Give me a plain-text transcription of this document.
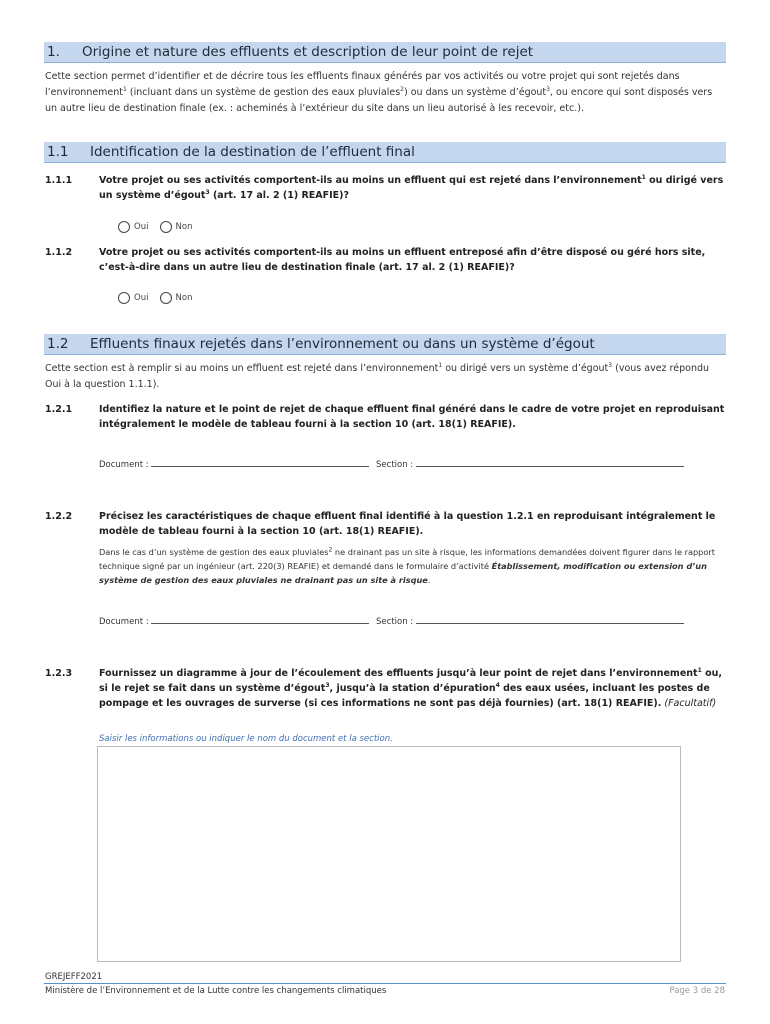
1. Origine et nature des effluents et description de leur point de rejet
Cette section permet d’identifier et de décrire tous les effluents finaux générés par vos activités ou votre projet qui sont rejetés dans l’environnement$^1$ (incluant dans un système de gestion des eaux pluviales$^2$) ou dans un système d’égout$^3$, ou encore qui sont disposés vers un autre lieu de destination finale (ex. : acheminés à l’extérieur du site dans un lieu autorisé à les recevoir, etc.).
1.1 Identification de la destination de l’effluent final
1.1.1	Votre projet ou ses activités comportent-ils au moins un effluent qui est rejeté dans l’environnement$^1$ ou dirigé vers un système d’égout$^3$ (art. 17 al. 2 (1) REAFIE)?
Oui	Non
1.1.2	Votre projet ou ses activités comportent-ils au moins un effluent entreposé afin d’être disposé ou géré hors site, c’est-à-dire dans un autre lieu de destination finale (art. 17 al. 2 (1) REAFIE)?
Oui	Non
1.2 Effluents finaux rejetés dans l’environnement ou dans un système d’égout
Cette section est à remplir si au moins un effluent est rejeté dans l’environnement$^1$ ou dirigé vers un système d’égout$^3$ (vous avez répondu Oui à la question 1.1.1).
1.2.1	Identifiez la nature et le point de rejet de chaque effluent final généré dans le cadre de votre projet en reproduisant intégralement le modèle de tableau fourni à la section 10 (art. 18(1) REAFIE).
Document :	Section :
1.2.2	Précisez les caractéristiques de chaque effluent final identifié à la question 1.2.1 en reproduisant intégralement le modèle de tableau fourni à la section 10 (art. 18(1) REAFIE).
Dans le cas d’un système de gestion des eaux pluviales$^2$ ne drainant pas un site à risque, les informations demandées doivent figurer dans le rapport technique signé par un ingénieur (art. 220(3) REAFIE) et demandé dans le formulaire d’activité Établissement, modification ou extension d’un système de gestion des eaux pluviales ne drainant pas un site à risque.
Document :	Section :
1.2.3	Fournissez un diagramme à jour de l’écoulement des effluents jusqu’à leur point de rejet dans l’environnement$^1$ ou, si le rejet se fait dans un système d’égout$^3$, jusqu’à la station d’épuration$^4$ des eaux usées, incluant les postes de pompage et les ouvrages de surverse (si ces informations ne sont pas déjà fournies) (art. 18(1) REAFIE). (Facultatif)
Saisir les informations ou indiquer le nom du document et la section.
GREJEFF2021
Ministère de l’Environnement et de la Lutte contre les changements climatiques	Page 3 de 28
